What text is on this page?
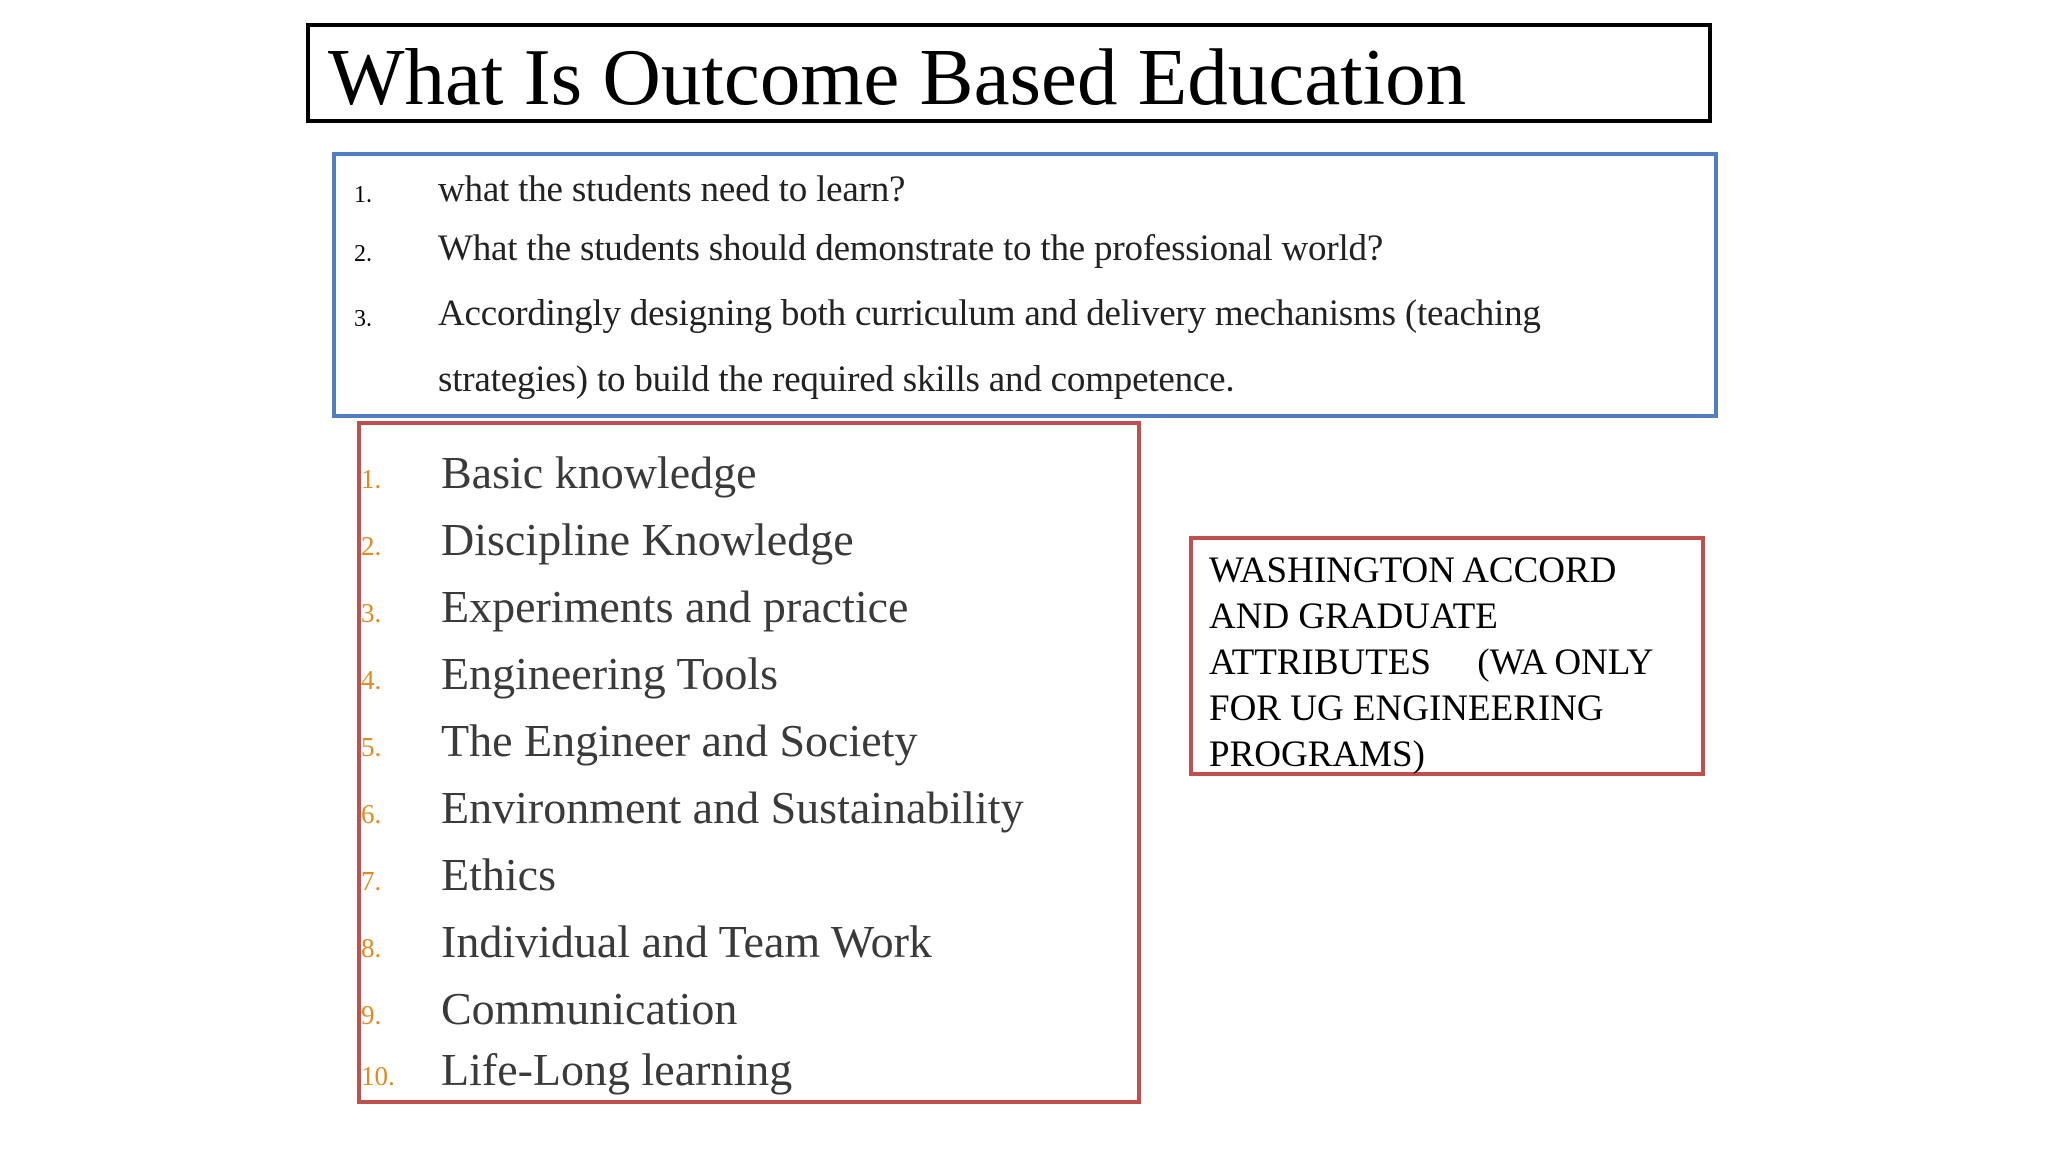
What Is Outcome Based Education
1. what the students need to learn?
2. What the students should demonstrate to the professional world?
3. Accordingly designing both curriculum and delivery mechanisms (teaching
strategies) to build the required skills and competence.
1. Basic knowledge
2. Discipline Knowledge
3. Experiments and practice
4. Engineering Tools
5. The Engineer and Society
6. Environment and Sustainability
7. Ethics
8. Individual and Team Work
9. Communication
10. Life-Long learning
WASHINGTON ACCORD
AND GRADUATE
ATTRIBUTES     (WA ONLY
FOR UG ENGINEERING
PROGRAMS)
